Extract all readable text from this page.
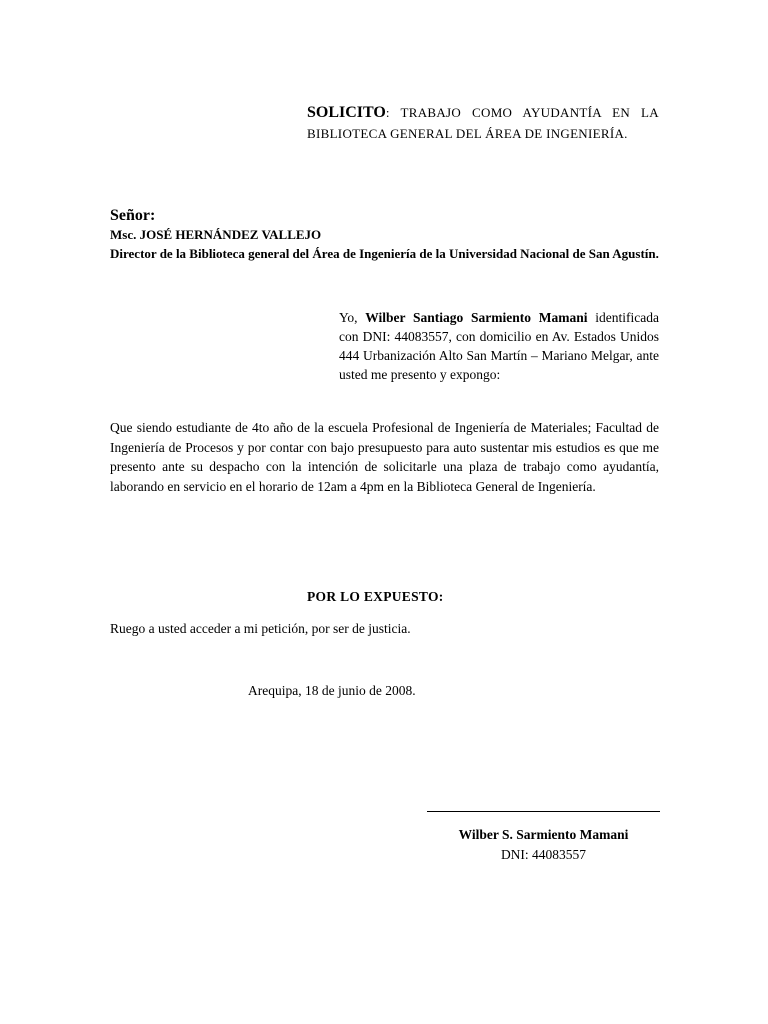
SOLICITO: TRABAJO COMO AYUDANTÍA EN LA BIBLIOTECA GENERAL DEL ÁREA DE INGENIERÍA.
Señor:
Msc. JOSÉ HERNÁNDEZ VALLEJO
Director de la Biblioteca general del Área de Ingeniería de la Universidad Nacional de San Agustín.
Yo, Wilber Santiago Sarmiento Mamani identificada con DNI: 44083557, con domicilio en Av. Estados Unidos 444 Urbanización Alto San Martín – Mariano Melgar, ante usted me presento y expongo:
Que siendo estudiante de 4to año de la escuela Profesional de Ingeniería de Materiales; Facultad de Ingeniería de Procesos y por contar con bajo presupuesto para auto sustentar mis estudios es que me presento ante su despacho con la intención de solicitarle una plaza de trabajo como ayudantía, laborando en servicio en el horario de 12am a 4pm en la Biblioteca General de Ingeniería.
POR LO EXPUESTO:
Ruego a usted acceder a mi petición, por ser de justicia.
Arequipa, 18 de junio de 2008.
Wilber S. Sarmiento Mamani
DNI: 44083557
